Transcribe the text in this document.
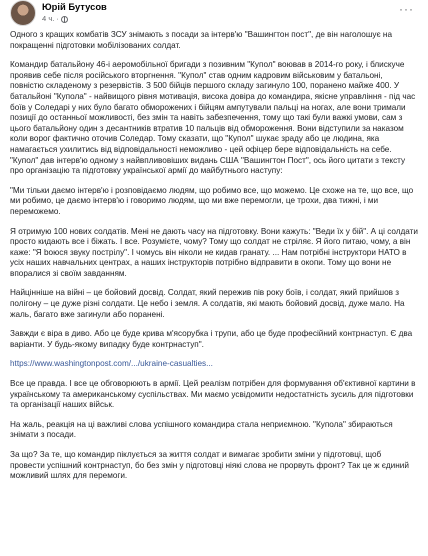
Юрій Бутусов
4 ч. ·
···

Одного з кращих комбатів ЗСУ знімають з посади за інтерв'ю "Вашингтон пост", де він наголошує на покращенні підготовки мобілізованих солдат.

Командир батальйону 46-і аеромобільної бригади з позивним "Купол" воював в 2014-го року, і блискуче проявив себе після російського вторгнення. "Купол" став одним кадровим військовим у батальоні, повністю складеному з резервістів. З 500 бійців першого складу загинуло 100, поранено майже 400. У батальйоні "Купола" - найвищого рівня мотивація, висока довіра до командира, якісне управління - під час боїв у Соледарі у них було багато обморожених і бійцям ампутували пальці на ногах, але вони тримали позиції до останньої можливості, без змін та навіть забезпечення, тому що такі були важкі умови, сам з цього батальйону один з десантників втратив 10 пальців від обмороження. Вони відступили за наказом коли ворог фактично оточив Соледар. Тому сказати, що "Купол" шукає зраду або це людина, яка намагається ухилитись від відповідальності неможливо - цей офіцер бере відповідальність на себе. "Купол" дав інтерв'ю одному з найвпливовіших видань США "Вашингтон Пост", ось його цитати з тексту про організацію та підготовку української армії до майбутнього наступу:

"Ми тільки даємо інтерв'ю і розповідаємо людям, що робимо все, що можемо. Це схоже на те, що все, що ми робимо, це даємо інтерв'ю і говоримо людям, що ми вже перемогли, це трохи, два тижні, і ми переможемо.

Я отримую 100 нових солдатів. Мені не дають часу на підготовку. Вони кажуть: "Веди їх у бій". А ці солдати просто кидають все і біжать. І все. Розумієте, чому? Тому що солдат не стріляє. Я його питаю, чому, а він каже: "Я boюся звуку пострілу". І чомусь він ніколи не кидав гранату. ... Нам потрібні інструктори НАТО в усіх наших навчальних центрах, а наших інструкторів потрібно відправити в окопи. Тому що вони не впоралися зі своїм завданням.

Найцінніше на війні – це бойовий досвід. Солдат, який пережив пів року боїв, і солдат, який прийшов з полігону – це дуже різні солдати. Це небо і земля. А солдатів, які мають бойовий досвід, дуже мало. На жаль, багато вже загинули або поранені.

Завжди є віра в диво. Або це буде крива м'ясорубка і трупи, або це буде професійний контрнаступ. Є два варіанти. У будь-якому випадку буде контрнаступ".

https://www.washingtonpost.com/.../ukraine-casualties...

Все це правда. І все це обговорюють в армії. Цей реалізм потрібен для формування об'єктивної картини в українському та американському суспільствах. Ми маємо усвідомити недостатність зусиль для підготовки та організації наших військ.

На жаль, реакція на ці важливі слова успішного командира стала неприємною. "Купола" збираються знімати з посади.

За що? За те, що командир піклується за життя солдат и вимагає зробити зміни у підготовці, щоб провести успішний контрнаступ, бо без змін у підготовці ніякі слова не прорвуть фронт? Так це ж єдиний можливий шлях для перемоги.
